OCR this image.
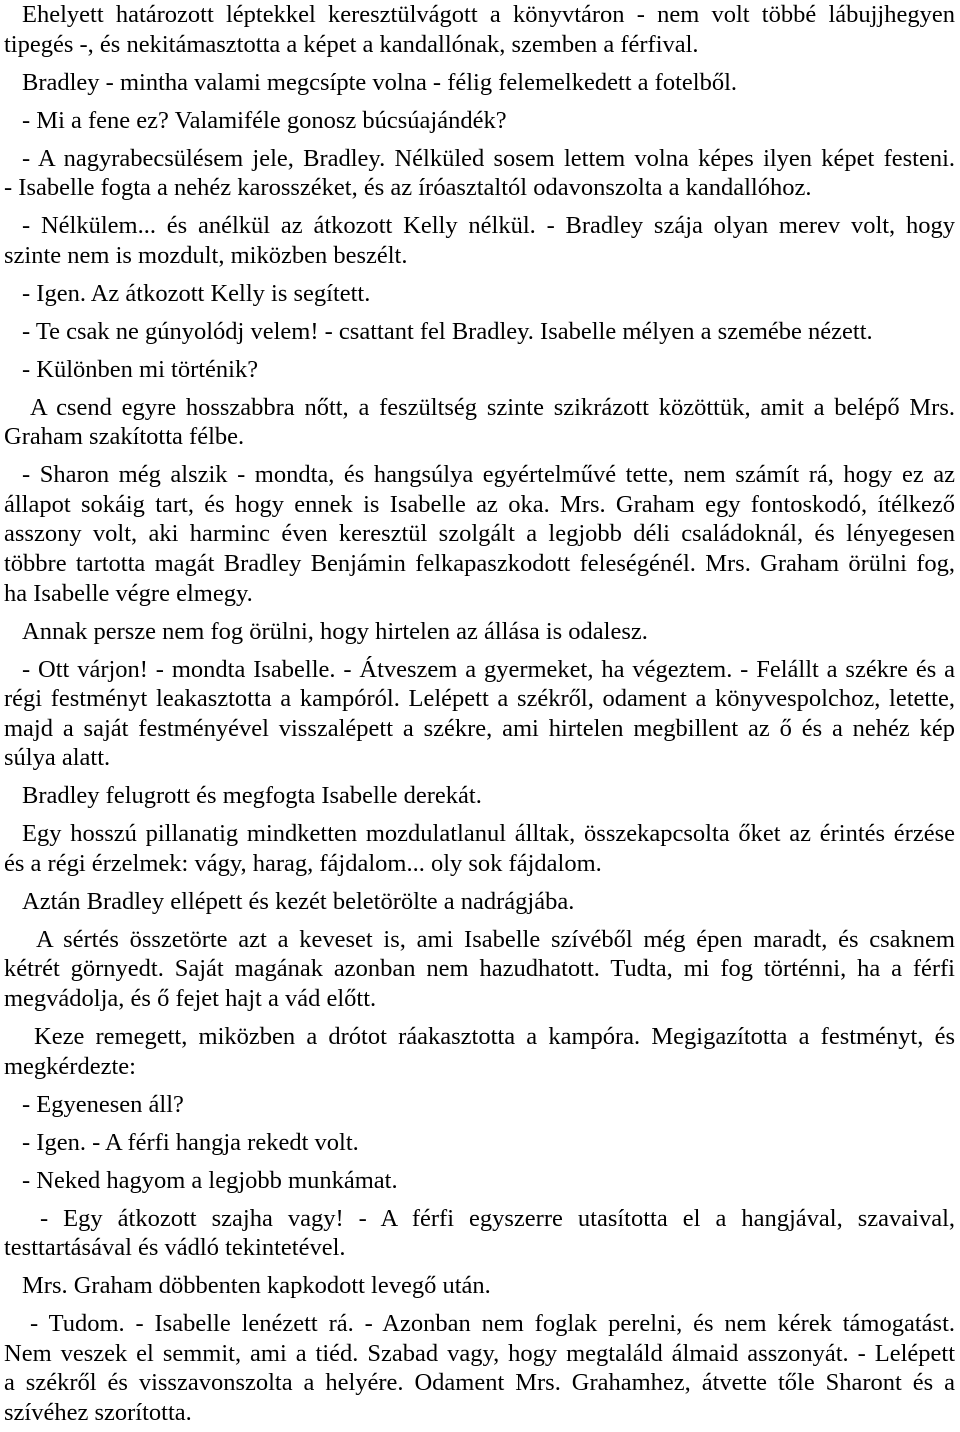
Ehelyett határozott léptekkel keresztülvágott a könyvtáron - nem volt többé lábujjhegyen
tipegés -, és nekitámasztotta a képet a kandallónak, szemben a férfival.
Bradley - mintha valami megcsípte volna - félig felemelkedett a fotelből.
- Mi a fene ez? Valamiféle gonosz búcsúajándék?
- A nagyrabecsülésem jele, Bradley. Nélküled sosem lettem volna képes ilyen képet festeni.
- Isabelle fogta a nehéz karosszéket, és az íróasztaltól odavonszolta a kandallóhoz.
- Nélkülem... és anélkül az átkozott Kelly nélkül. - Bradley szája olyan merev volt, hogy
szinte nem is mozdult, miközben beszélt.
- Igen. Az átkozott Kelly is segített.
- Te csak ne gúnyolódj velem! - csattant fel Bradley. Isabelle mélyen a szemébe nézett.
- Különben mi történik?
A csend egyre hosszabbra nőtt, a feszültség szinte szikrázott közöttük, amit a belépő Mrs.
Graham szakította félbe.
- Sharon még alszik - mondta, és hangsúlya egyértelművé tette, nem számít rá, hogy ez az
állapot sokáig tart, és hogy ennek is Isabelle az oka. Mrs. Graham egy fontoskodó, ítélkező
asszony volt, aki harminc éven keresztül szolgált a legjobb déli családoknál, és lényegesen
többre tartotta magát Bradley Benjámin felkapaszkodott feleségénél. Mrs. Graham örülni fog,
ha Isabelle végre elmegy.
Annak persze nem fog örülni, hogy hirtelen az állása is odalesz.
- Ott várjon! - mondta Isabelle. - Átveszem a gyermeket, ha végeztem. - Felállt a székre és a
régi festményt leakasztotta a kampóról. Lelépett a székről, odament a könyvespolchoz, letette,
majd a saját festményével visszalépett a székre, ami hirtelen megbillent az ő és a nehéz kép
súlya alatt.
Bradley felugrott és megfogta Isabelle derekát.
Egy hosszú pillanatig mindketten mozdulatlanul álltak, összekapcsolta őket az érintés érzése
és a régi érzelmek: vágy, harag, fájdalom... oly sok fájdalom.
Aztán Bradley ellépett és kezét beletörölte a nadrágjába.
A sértés összetörte azt a keveset is, ami Isabelle szívéből még épen maradt, és csaknem
kétrét görnyedt. Saját magának azonban nem hazudhatott. Tudta, mi fog történni, ha a férfi
megvádolja, és ő fejet hajt a vád előtt.
Keze remegett, miközben a drótot ráakasztotta a kampóra. Megigazította a festményt, és
megkérdezte:
- Egyenesen áll?
- Igen. - A férfi hangja rekedt volt.
- Neked hagyom a legjobb munkámat.
- Egy átkozott szajha vagy! - A férfi egyszerre utasította el a hangjával, szavaival,
testtartásával és vádló tekintetével.
Mrs. Graham döbbenten kapkodott levegő után.
- Tudom. - Isabelle lenézett rá. - Azonban nem foglak perelni, és nem kérek támogatást.
Nem veszek el semmit, ami a tiéd. Szabad vagy, hogy megtaláld álmaid asszonyát. - Lelépett
a székről és visszavonszolta a helyére. Odament Mrs. Grahamhez, átvette tőle Sharont és a
szívéhez szorította.
